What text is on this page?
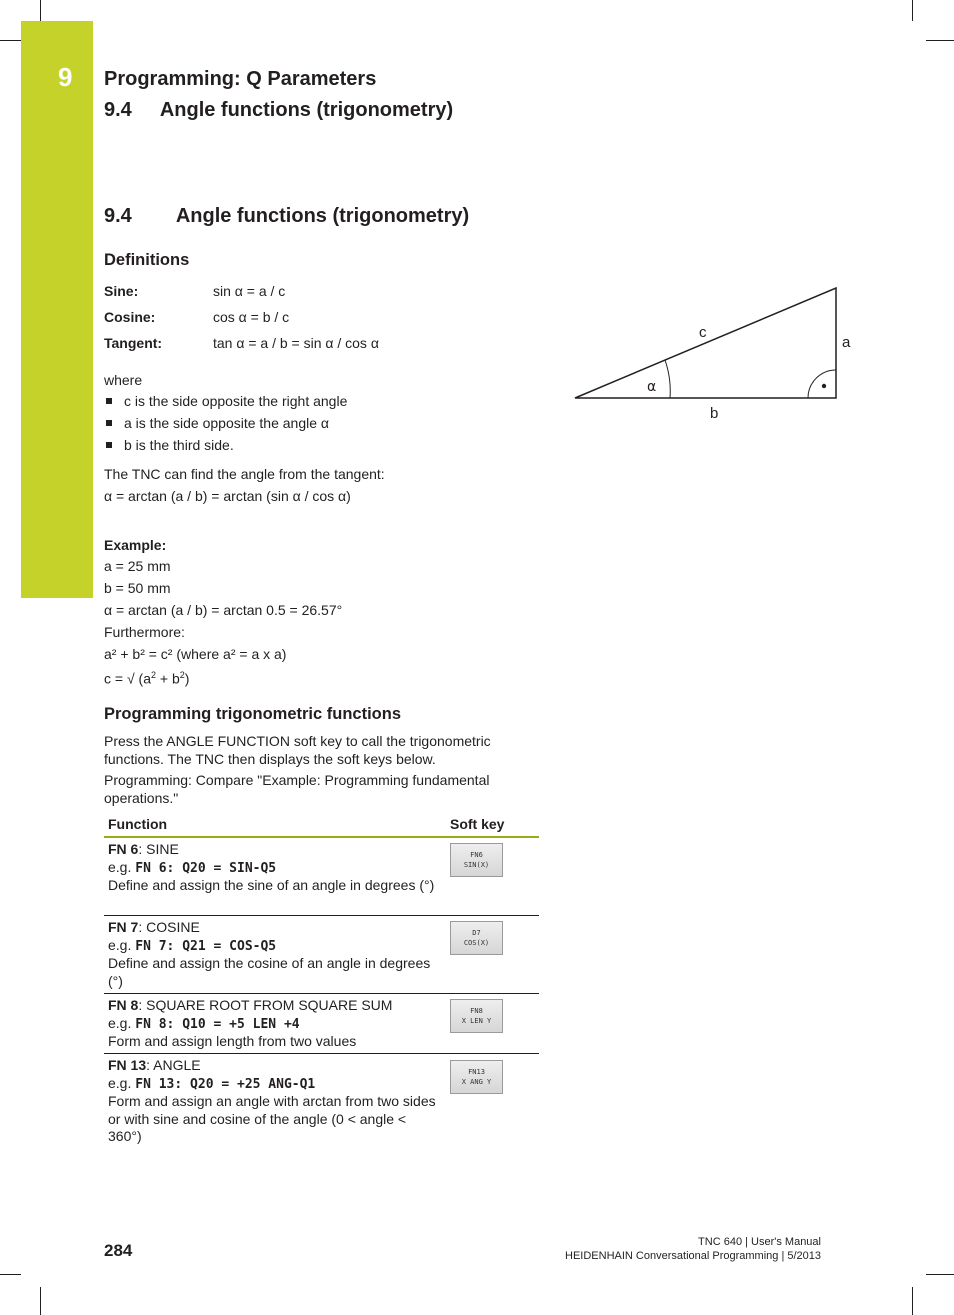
9 Programming: Q Parameters
9.4 Angle functions (trigonometry)
9.4 Angle functions (trigonometry)
Definitions
Sine:	sin α = a / c
Cosine:	cos α = b / c
Tangent:	tan α = a / b = sin α / cos α
where
c is the side opposite the right angle
a is the side opposite the angle α
b is the third side.
The TNC can find the angle from the tangent:
α = arctan (a / b) = arctan (sin α / cos α)
c
a
b
α
Example:
a = 25 mm
b = 50 mm
α = arctan (a / b) = arctan 0.5 = 26.57°
Furthermore:
a² + b² = c² (where a² = a x a)
c = √ $(a^2 + b^2)$
Programming trigonometric functions
Press the ANGLE FUNCTION soft key to call the trigonometric functions. The TNC then displays the soft keys below.
Programming: Compare "Example: Programming fundamental operations."
Function	Soft key
FN 6: SINE
e.g. FN 6: Q20 = SIN-Q5
Define and assign the sine of an angle in degrees (°)
FN6
SIN(X)
FN 7: COSINE
e.g. FN 7: Q21 = COS-Q5
Define and assign the cosine of an angle in degrees (°)
D7
COS(X)
FN 8: SQUARE ROOT FROM SQUARE SUM
e.g. FN 8: Q10 = +5 LEN +4
Form and assign length from two values
FN8
X LEN Y
FN 13: ANGLE
e.g. FN 13: Q20 = +25 ANG-Q1
Form and assign an angle with arctan from two sides or with sine and cosine of the angle (0 < angle < 360°)
FN13
X ANG Y
284	TNC 640 | User's Manual
HEIDENHAIN Conversational Programming | 5/2013
